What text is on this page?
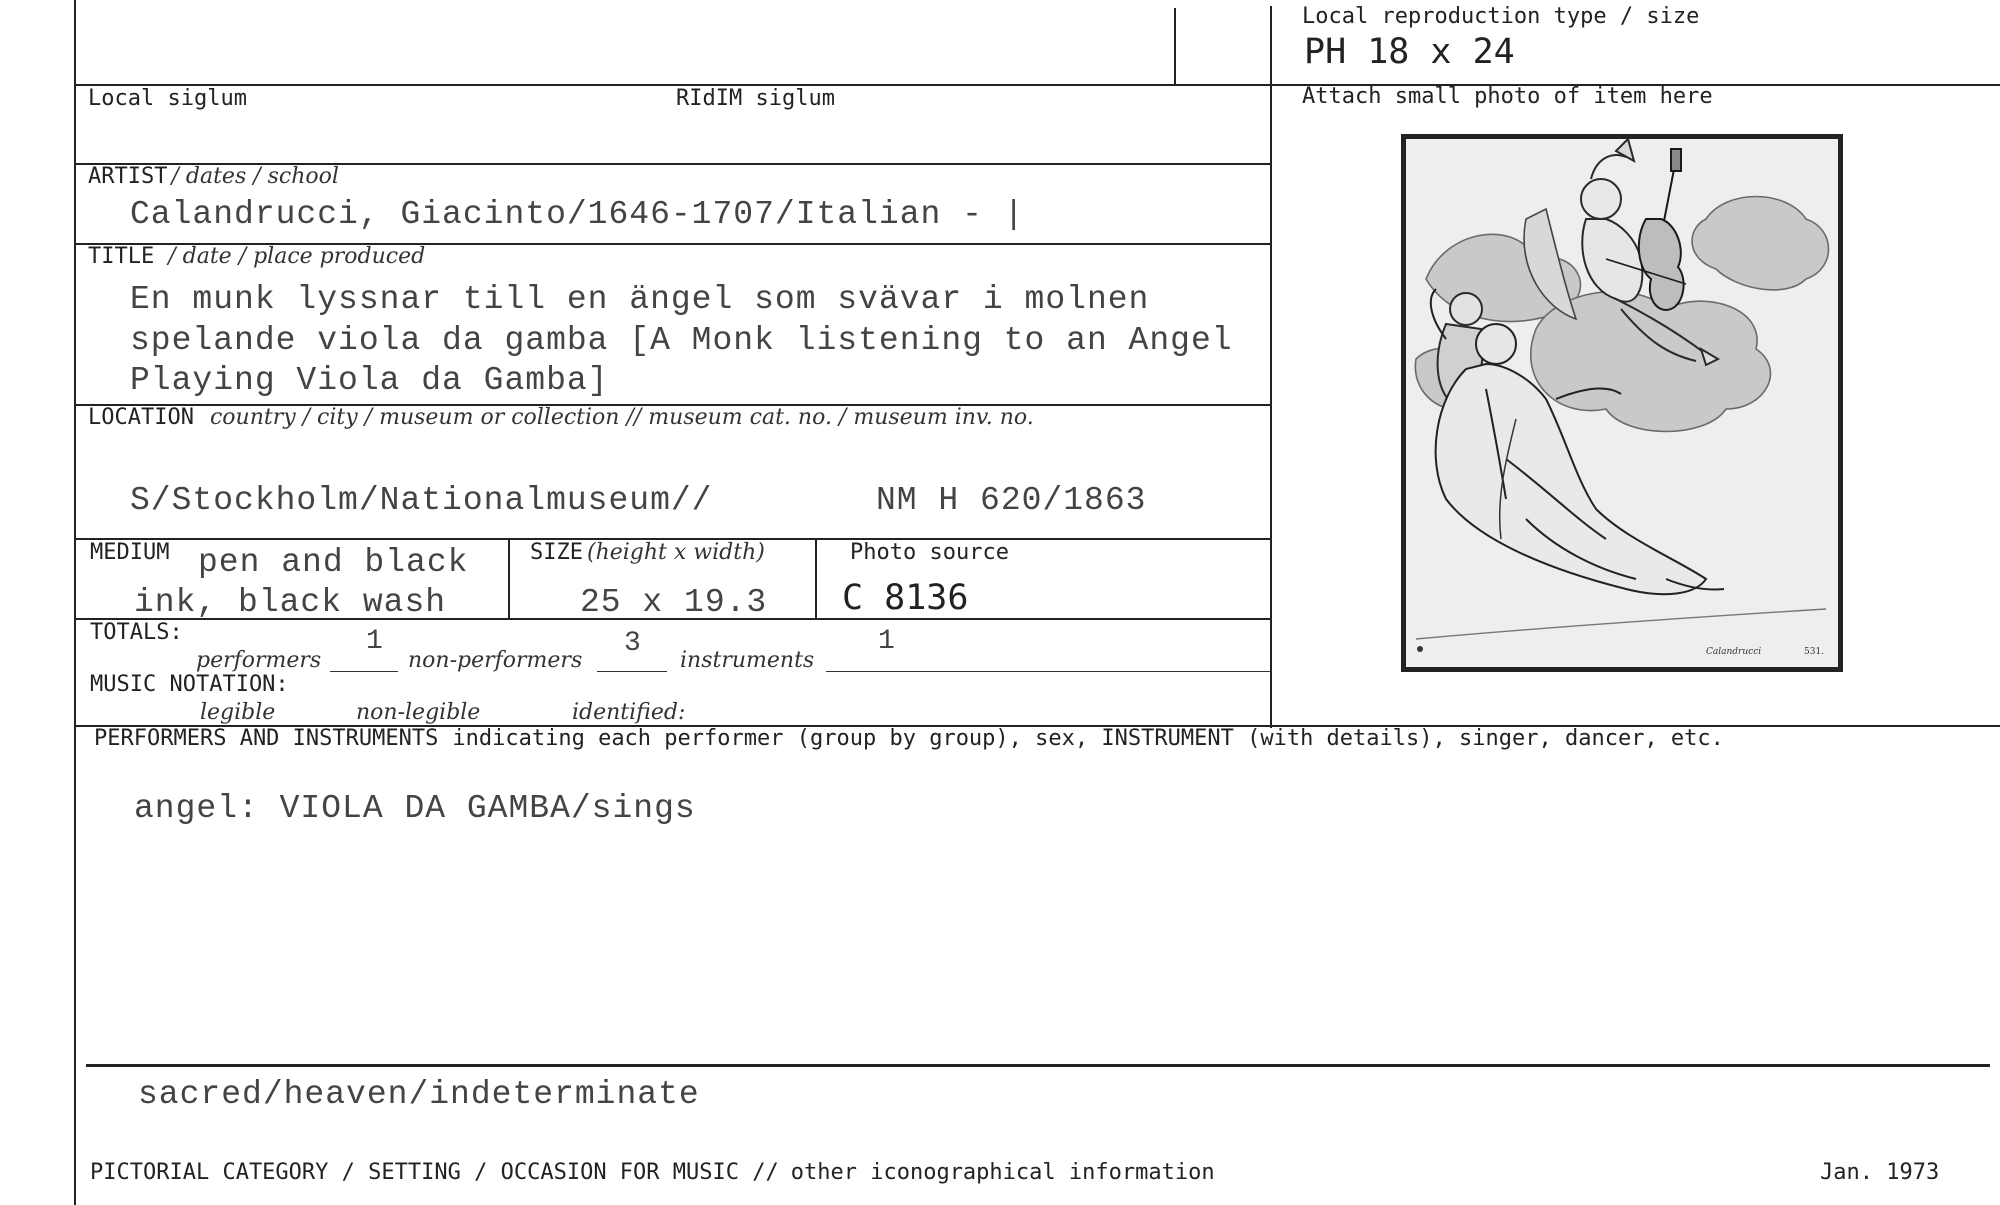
Local reproduction type / size
PH 18 x 24
Attach small photo of item here
Local siglum	RIdIM siglum
ARTIST / dates / school
Calandrucci, Giacinto/1646-1707/Italian - |
TITLE / date / place produced
En munk lyssnar till en ängel som svävar i molnen
spelande viola da gamba [A Monk listening to an Angel
Playing Viola da Gamba]
LOCATION country / city / museum or collection // museum cat. no. / museum inv. no.
S/Stockholm/Nationalmuseum//	NM H 620/1863
MEDIUM pen and black
ink, black wash
SIZE (height x width)
25 x 19.3
Photo source
C 8136
TOTALS:
performers
1
non-performers
3
instruments
1
MUSIC NOTATION:
legible	non-legible	identified:
PERFORMERS AND INSTRUMENTS indicating each performer (group by group), sex, INSTRUMENT (with details), singer, dancer, etc.
angel: VIOLA DA GAMBA/sings
sacred/heaven/indeterminate
PICTORIAL CATEGORY / SETTING / OCCASION FOR MUSIC // other iconographical information	Jan. 1973
Calandrucci	531.
